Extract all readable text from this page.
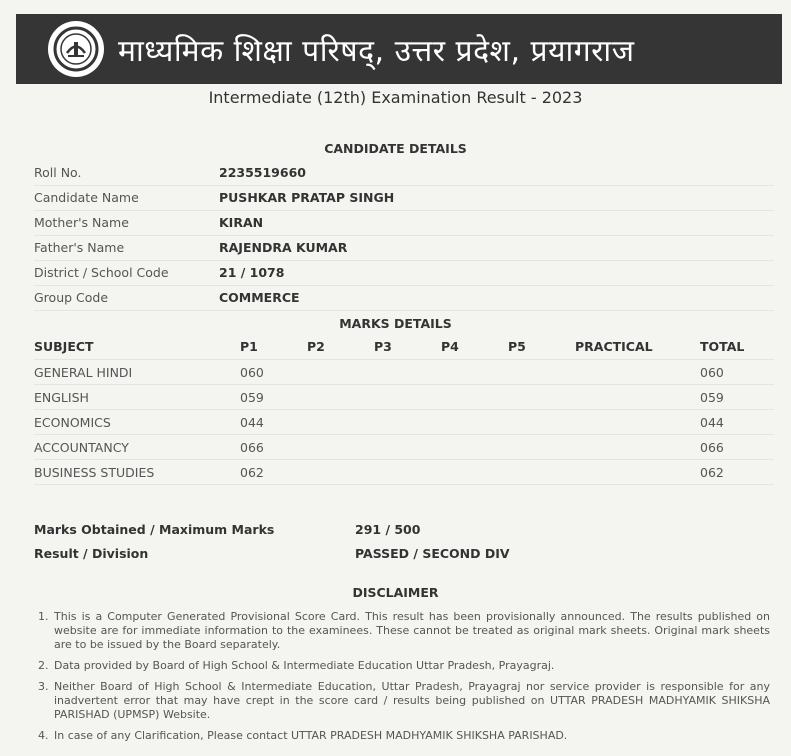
माध्यमिक शिक्षा परिषद्, उत्तर प्रदेश, प्रयागराज
Intermediate (12th) Examination Result - 2023
CANDIDATE DETAILS
Roll No.	2235519660
Candidate Name	PUSHKAR PRATAP SINGH
Mother's Name	KIRAN
Father's Name	RAJENDRA KUMAR
District / School Code	21 / 1078
Group Code	COMMERCE
MARKS DETAILS
SUBJECT	P1	P2	P3	P4	P5	PRACTICAL	TOTAL
GENERAL HINDI	060						060
ENGLISH	059						059
ECONOMICS	044						044
ACCOUNTANCY	066						066
BUSINESS STUDIES	062						062
Marks Obtained / Maximum Marks	291 / 500
Result / Division	PASSED / SECOND DIV
DISCLAIMER
1. This is a Computer Generated Provisional Score Card. This result has been provisionally announced. The results published on website are for immediate information to the examinees. These cannot be treated as original mark sheets. Original mark sheets are to be issued by the Board separately.
2. Data provided by Board of High School & Intermediate Education Uttar Pradesh, Prayagraj.
3. Neither Board of High School & Intermediate Education, Uttar Pradesh, Prayagraj nor service provider is responsible for any inadvertent error that may have crept in the score card / results being published on UTTAR PRADESH MADHYAMIK SHIKSHA PARISHAD (UPMSP) Website.
4. In case of any Clarification, Please contact UTTAR PRADESH MADHYAMIK SHIKSHA PARISHAD.
